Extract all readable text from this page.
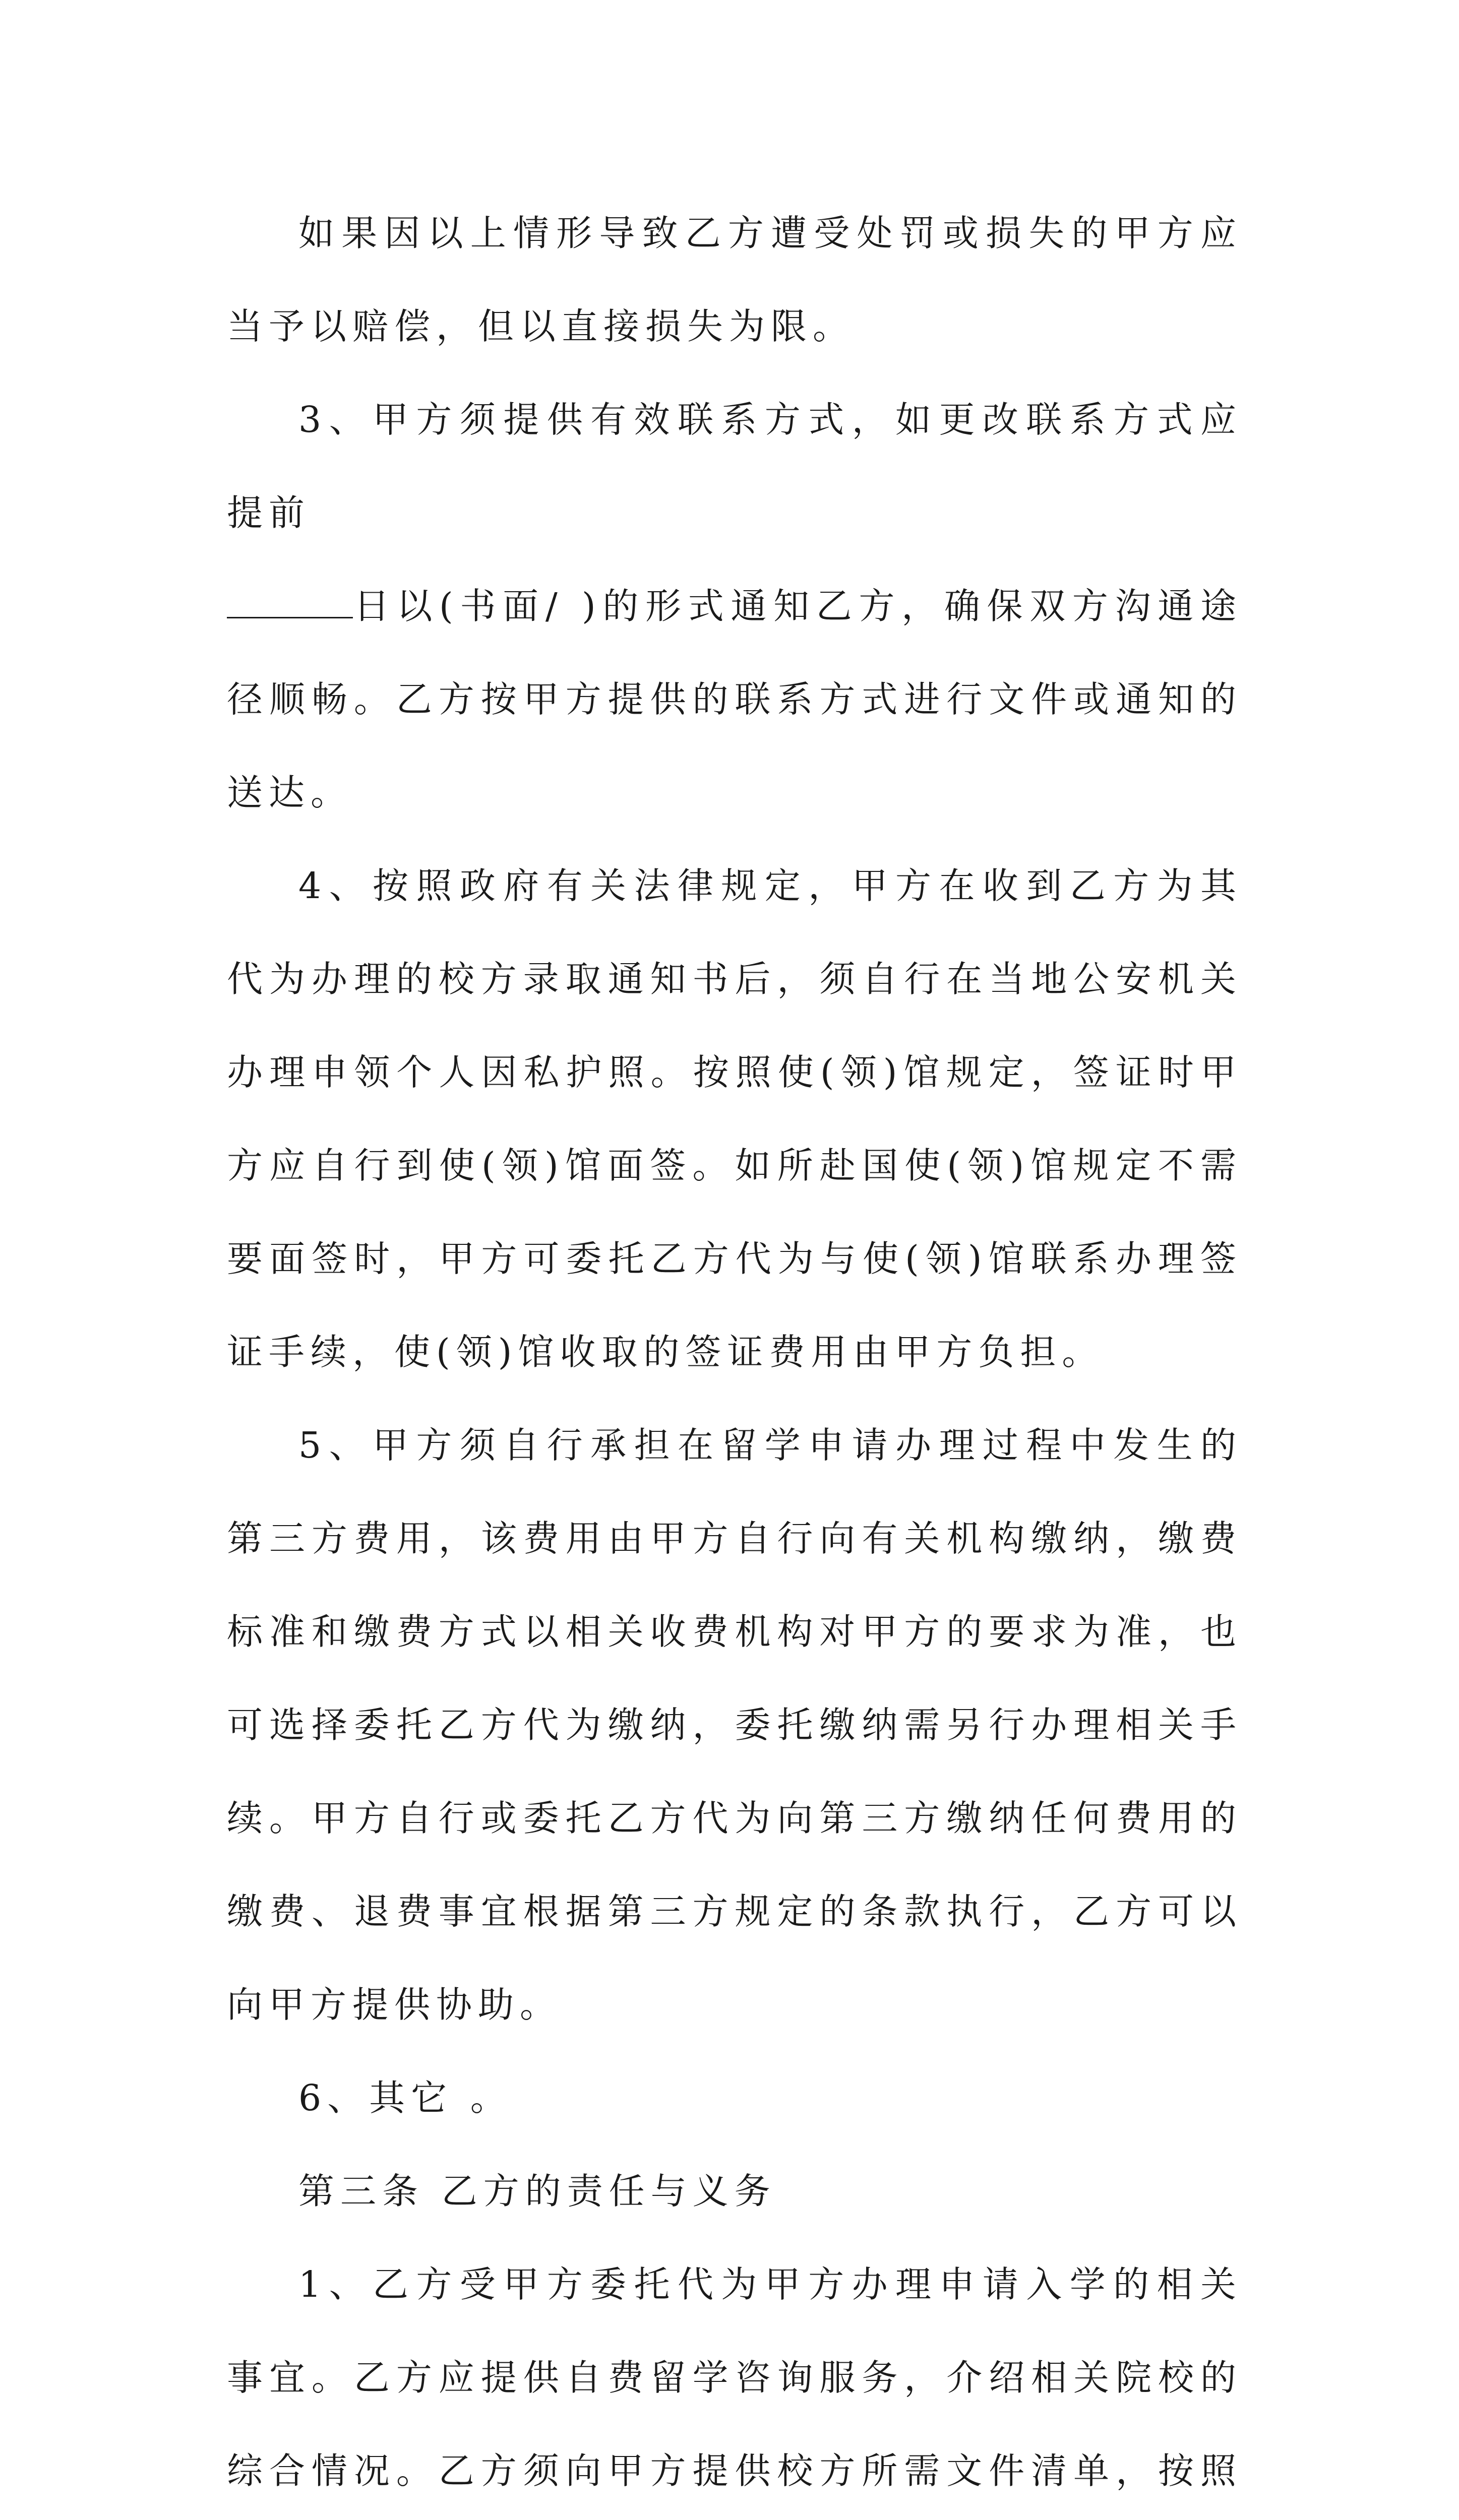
如果因以上情形导致乙方遭受处罚或损失的甲方应当予以赔偿，但以直接损失为限。

3、甲方须提供有效联系方式，如更改联系方式应提前
日以(书面/ )的形式通知乙方，确保双方沟通途径顺畅。乙方按甲方提供的联系方式进行文件或通知的送达。

4、按照政府有关法律规定，甲方在收到乙方为其代为办理的校方录取通知书后，须自行在当地公安机关办理申领个人因私护照。按照使(领)馆规定，签证时甲方应自行到使(领)馆面签。如所赴国使(领)馆规定不需要面签时，甲方可委托乙方代为与使(领)馆联系办理签证手续，使(领)馆收取的签证费用由甲方负担。

5、甲方须自行承担在留学申请办理过程中发生的第三方费用，该费用由甲方自行向有关机构缴纳，缴费标准和缴费方式以相关收费机构对甲方的要求为准，也可选择委托乙方代为缴纳，委托缴纳需另行办理相关手续。甲方自行或委托乙方代为向第三方缴纳任何费用的缴费、退费事宜根据第三方规定的条款执行，乙方可以向甲方提供协助。

6、其它 。

第三条 乙方的责任与义务

1、乙方受甲方委托代为甲方办理申请入学的相关事宜。乙方应提供自费留学咨询服务，介绍相关院校的综合情况。乙方须向甲方提供校方所需文件清单，按照
